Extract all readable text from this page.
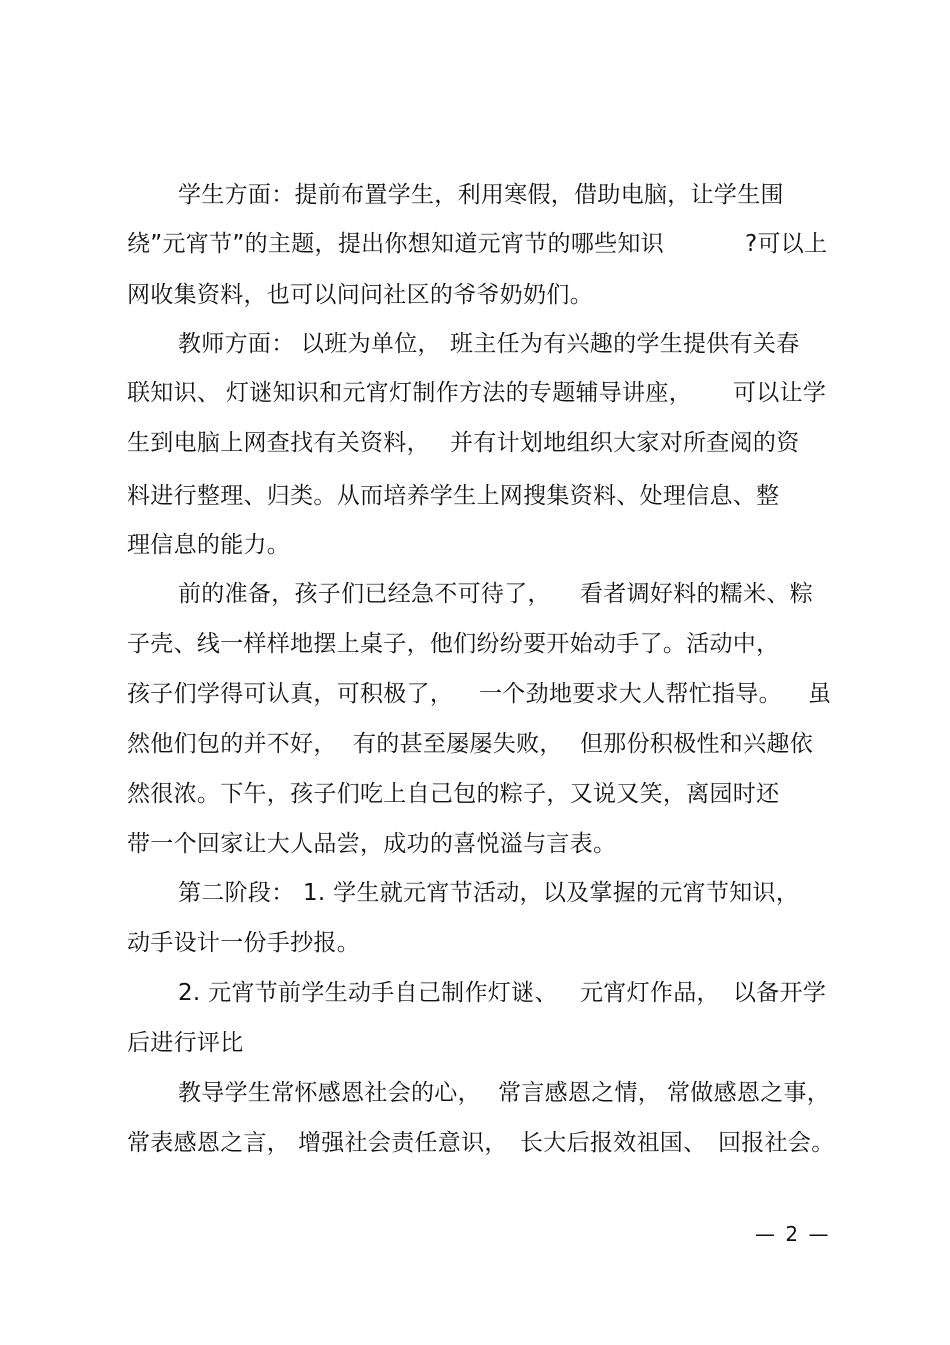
学生方面：提前布置学生，利用寒假，借助电脑，让学生围
绕”元宵节”的主题，提出你想知道元宵节的哪些知识	?可以上
网收集资料，也可以问问社区的爷爷奶奶们。
教师方面： 以班为单位， 班主任为有兴趣的学生提供有关春
联知识、 灯谜知识和元宵灯制作方法的专题辅导讲座， 可以让学
生到电脑上网查找有关资料， 并有计划地组织大家对所查阅的资
料进行整理、归类。从而培养学生上网搜集资料、处理信息、整
理信息的能力。
前的准备，孩子们已经急不可待了， 看者调好料的糯米、粽
子壳、线一样样地摆上桌子，他们纷纷要开始动手了。活动中，
孩子们学得可认真，可积极了， 一个劲地要求大人帮忙指导。 虽
然他们包的并不好， 有的甚至屡屡失败， 但那份积极性和兴趣依
然很浓。下午，孩子们吃上自己包的粽子，又说又笑，离园时还
带一个回家让大人品尝，成功的喜悦溢与言表。
第二阶段： 1. 学生就元宵节活动，以及掌握的元宵节知识，
动手设计一份手抄报。
2. 元宵节前学生动手自己制作灯谜、 元宵灯作品， 以备开学
后进行评比
教导学生常怀感恩社会的心， 常言感恩之情， 常做感恩之事，
常表感恩之言， 增强社会责任意识， 长大后报效祖国、 回报社会。
— 2 —
